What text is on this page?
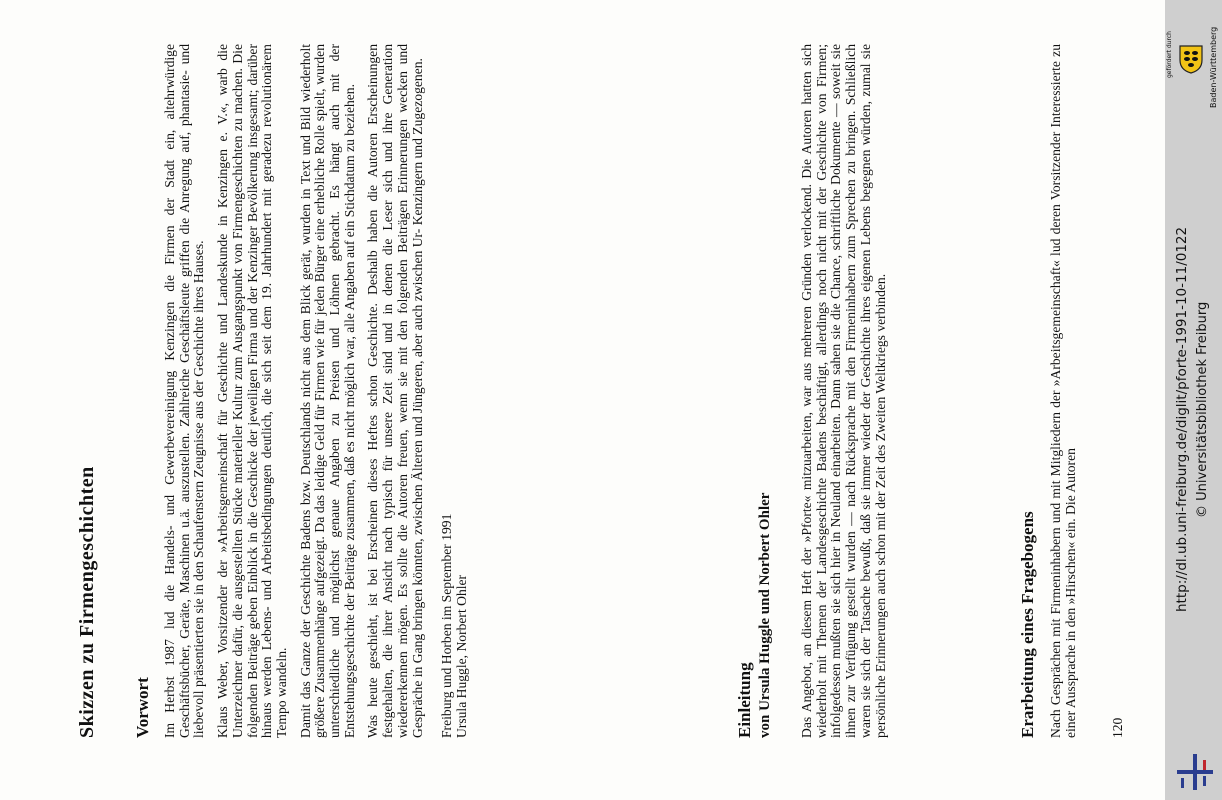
Skizzen zu Firmengeschichten Vorwort Im Herbst 1987 lud die Handels- und Gewerbevereinigung Kenzingen die Firmen der Stadt ein, altehrwürdige Geschäftsbücher, Geräte, Maschinen u.ä. auszustellen. Zahlreiche Geschäftsleute griffen die Anregung auf, phantasie- und liebevoll präsentierten sie in den Schaufenstern Zeugnisse aus der Geschichte ihres Hauses. Klaus Weber, Vorsitzender der »Arbeitsgemeinschaft für Geschichte und Landeskunde in Kenzingen e. V.«, warb die Unterzeichner dafür, die ausgestellten Stücke materieller Kultur zum Ausgangspunkt von Firmengeschichten zu machen. Die folgenden Beiträge geben Einblick in die Geschicke der jeweiligen Firma und der Kenzinger Bevölkerung insgesamt; darüber hinaus werden Lebens- und Arbeitsbedingungen deutlich, die sich seit dem 19. Jahrhundert mit geradezu revolutionärem Tempo wandeln. Damit das Ganze der Geschichte Badens bzw. Deutschlands nicht aus dem Blick gerät, wurden in Text und Bild wiederholt größere Zusammenhänge aufgezeigt. Da das leidige Geld für Firmen wie für jeden Bürger eine erhebliche Rolle spielt, wurden unterschiedliche und möglichst genaue Angaben zu Preisen und Löhnen gebracht. Es hängt auch mit der Entstehungsgeschichte der Beiträge zusammen, daß es nicht möglich war, alle Angaben auf ein Stichdatum zu beziehen. Was heute geschieht, ist bei Erscheinen dieses Heftes schon Geschichte. Deshalb haben die Autoren Erscheinungen festgehalten, die ihrer Ansicht nach typisch für unsere Zeit sind und in denen die Leser sich und ihre Generation wiedererkennen mögen. Es sollte die Autoren freuen, wenn sie mit den folgenden Beiträgen Erinnerungen wecken und Gespräche in Gang bringen könnten, zwischen Älteren und Jüngeren, aber auch zwischen Ur- Kenzingern und Zugezogenen. Freiburg und Horben im September 1991 Ursula Huggle, Norbert Ohler	Einleitung von Ursula Huggle und Norbert Ohler Das Angebot, an diesem Heft der »Pforte« mitzuarbeiten, war aus mehreren Gründen verlockend. Die Autoren hatten sich wiederholt mit Themen der Landesgeschichte Badens beschäftigt, allerdings noch nicht mit der Geschichte von Firmen; infolgedessen mußten sie sich hier in Neuland einarbeiten. Dann sahen sie die Chance, schriftliche Dokumente — soweit sie ihnen zur Verfügung gestellt wurden — nach Rücksprache mit den Firmeninhabern zum Sprechen zu bringen. Schließlich waren sie sich der Tatsache bewußt, daß sie immer wieder der Geschichte ihres eigenen Lebens begegnen würden, zumal sie persönliche Erinnerungen auch schon mit der Zeit des Zweiten Weltkriegs verbinden.	Erarbeitung eines Fragebogens Nach Gesprächen mit Firmeninhabern und mit Mitgliedern der »Arbeitsgemeinschaft« lud deren Vorsitzender Interessierte zu einer Aussprache in den »Hirschen« ein. Die Autoren 120
gefördert durch	Baden-Württemberg
http://dl.ub.uni-freiburg.de/diglit/pforte-1991-10-11/0122 © Universitätsbibliothek Freiburg
